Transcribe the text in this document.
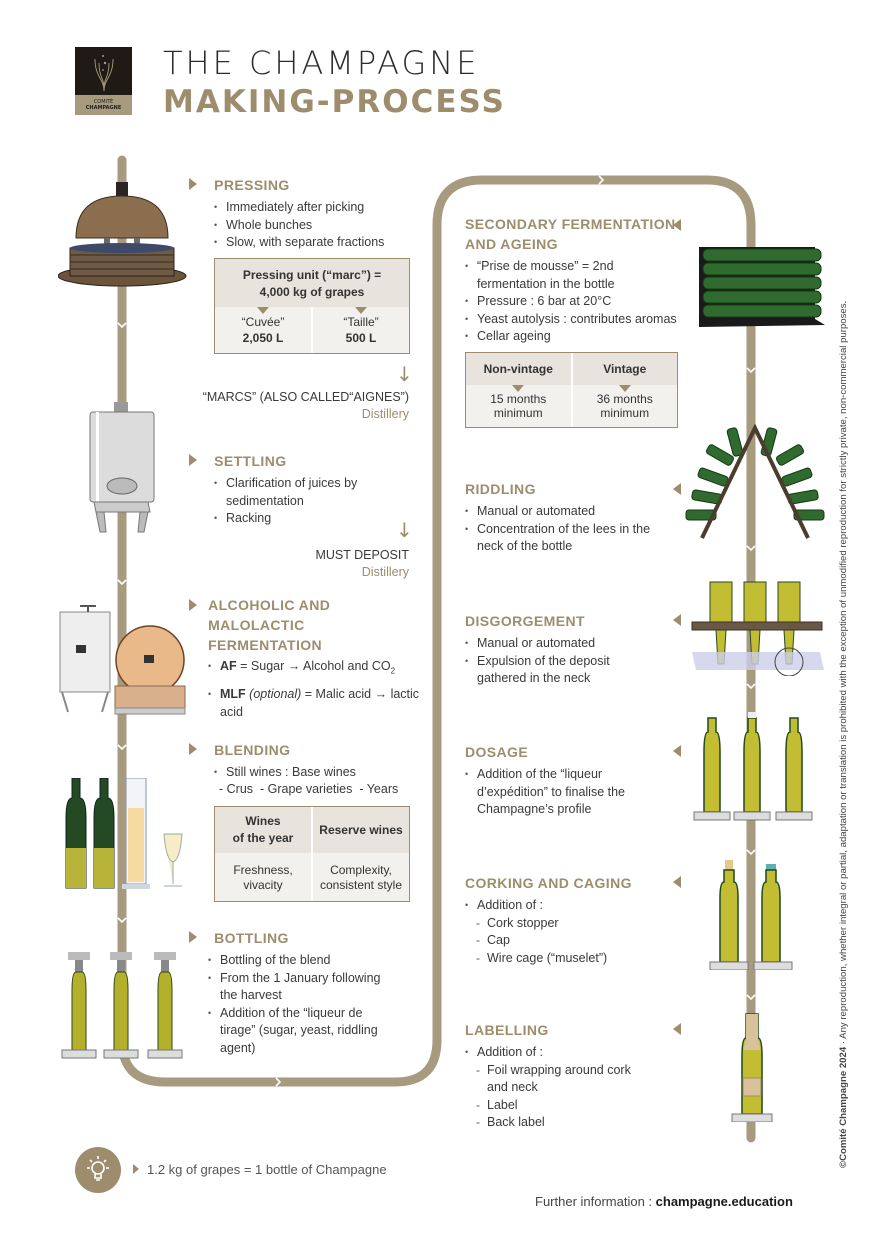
COMITÉ
CHAMPAGNE
THE CHAMPAGNE
MAKING-PROCESS
PRESSING
• Immediately after picking
• Whole bunches
• Slow, with separate fractions
Pressing unit (“marc”) =
4,000 kg of grapes
“Cuvée”
2,050 L
“Taille”
500 L
↓
“MARCS” (ALSO CALLED“AIGNES”)
Distillery
SETTLING
• Clarification of juices by sedimentation
• Racking	↓
MUST DEPOSIT
Distillery

ALCOHOLIC AND
MALOLACTIC
FERMENTATION
• AF = Sugar → Alcohol and $CO_2$
• MLF (optional) = Malic acid → lactic acid
BLENDING
• Still wines : Base wines
- Crus  - Grape varieties  - Years
Wines
of the year
Freshness,
vivacity
Reserve wines
Complexity,
consistent style
BOTTLING
• Bottling of the blend
• From the 1 January following the harvest
• Addition of the “liqueur de tirage” (sugar, yeast, riddling agent)
SECONDARY FERMENTATION
AND AGEING
• “Prise de mousse” = 2nd fermentation in the bottle
• Pressure : 6 bar at 20°C
• Yeast autolysis : contributes aromas
• Cellar ageing
Non-vintage
15 months
minimum
Vintage
36 months
minimum
RIDDLING
• Manual or automated
• Concentration of the lees in the neck of the bottle
DISGORGEMENT
• Manual or automated
• Expulsion of the deposit gathered in the neck
DOSAGE
• Addition of the “liqueur d’expédition” to finalise the Champagne’s profile
CORKING AND CAGING
• Addition of :
- Cork stopper
- Cap
- Wire cage (“muselet”)
LABELLING
• Addition of :
- Foil wrapping around cork and neck
- Label
- Back label
1.2 kg of grapes = 1 bottle of Champagne
Further information : champagne.education
©Comité Champagne 2024 · Any reproduction, whether integral or partial, adaptation or translation is prohibited with the exception of unmodified reproduction for strictly private, non-commercial purposes.
